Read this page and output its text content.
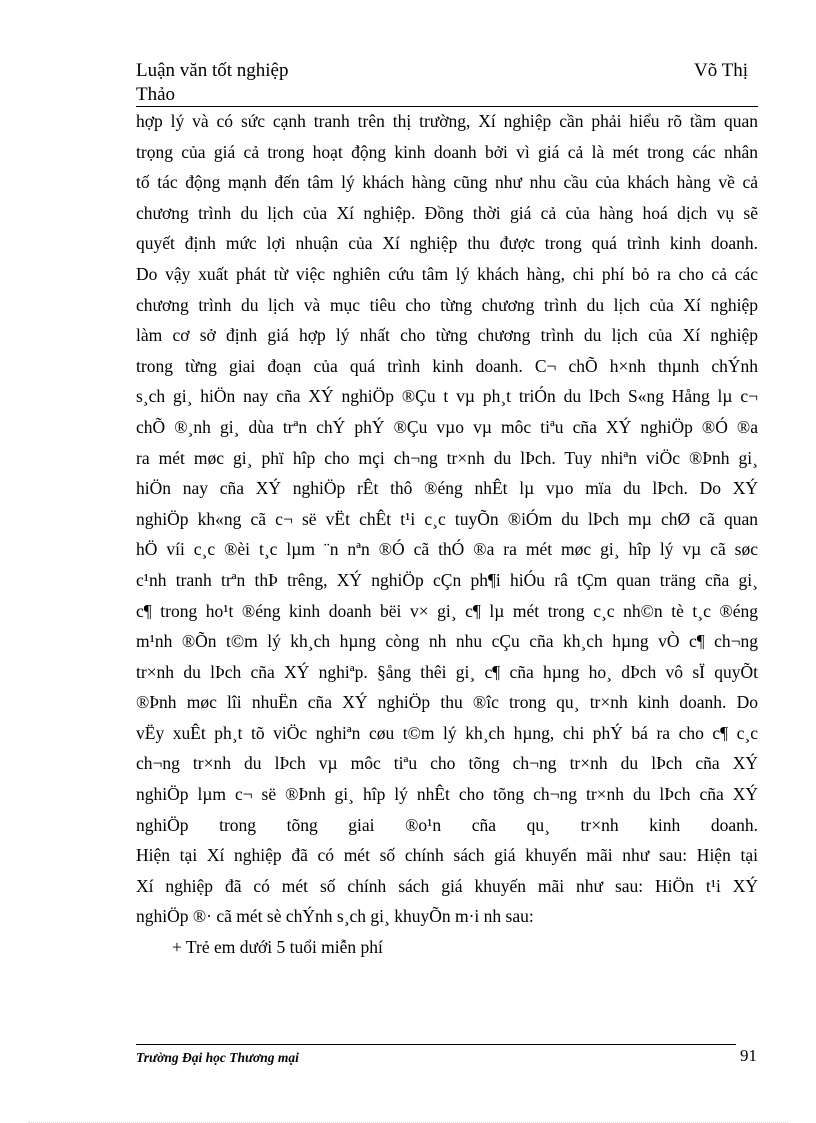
Luận văn tốt nghiệp
Thảo
Võ Thị
hợp lý và có sức cạnh tranh trên thị trường, Xí nghiệp cần phải hiểu rõ tầm quan
trọng của giá cả trong hoạt động kinh doanh bởi vì giá cả là mét trong các nhân
tố tác động mạnh đến tâm lý khách hàng cũng như nhu cầu của khách hàng về cả
chương trình du lịch của Xí nghiệp. Đồng thời giá cả của hàng hoá dịch vụ sẽ
quyết định mức lợi nhuận của Xí nghiệp thu được trong quá trình kinh doanh.
Do vậy xuất phát từ việc nghiên cứu tâm lý khách hàng, chi phí bỏ ra cho cả các
chương trình du lịch và mục tiêu cho từng chương trình du lịch của Xí nghiệp
làm cơ sở định giá hợp lý nhất cho từng chương trình du lịch của Xí nghiệp
trong từng giai đoạn của quá trình kinh doanh. C¬ chÕ h×nh thµnh chÝnh
s¸ch gi¸ hiÖn nay cña XÝ nghiÖp ®Çu t vµ ph¸t triÓn du lÞch S«ng Hång lµ c¬
chÕ ®¸nh gi¸ dùa trªn chÝ phÝ ®Çu vµo vµ môc tiªu cña XÝ nghiÖp ®Ó ®a
ra mét møc gi¸ phï hîp cho mçi ch¬ng tr×nh du lÞch. Tuy nhiªn viÖc ®Þnh gi¸
hiÖn nay cña XÝ nghiÖp rÊt thô ®éng nhÊt lµ vµo mïa du lÞch. Do XÝ
nghiÖp kh«ng cã c¬ së vËt chÊt t¹i c¸c tuyÕn ®iÓm du lÞch mµ chØ cã quan
hÖ víi c¸c ®èi t¸c lµm ¨n nªn ®Ó cã thÓ ®a ra mét møc gi¸ hîp lý vµ cã søc
c¹nh tranh trªn thÞ trêng, XÝ nghiÖp cÇn ph¶i hiÓu râ tÇm quan träng cña gi¸
c¶ trong ho¹t ®éng kinh doanh bëi v× gi¸ c¶ lµ mét trong c¸c nh©n tè t¸c ®éng
m¹nh ®Õn t©m lý kh¸ch hµng còng nh nhu cÇu cña kh¸ch hµng vÒ c¶ ch¬ng
tr×nh du lÞch cña XÝ nghiªp. §ång thêi gi¸ c¶ cña hµng ho¸ dÞch vô sÏ quyÕt
®Þnh møc lîi nhuËn cña XÝ nghiÖp thu ®îc trong qu¸ tr×nh kinh doanh. Do
vËy xuÊt ph¸t tõ viÖc nghiªn cøu t©m lý kh¸ch hµng, chi phÝ bá ra cho c¶ c¸c
ch¬ng tr×nh du lÞch vµ môc tiªu cho tõng ch¬ng tr×nh du lÞch cña XÝ
nghiÖp lµm c¬ së ®Þnh gi¸ hîp lý nhÊt cho tõng ch¬ng tr×nh du lÞch cña XÝ
nghiÖp trong tõng giai ®o¹n cña qu¸ tr×nh kinh doanh.
Hiện tại Xí nghiệp đã có mét số chính sách giá khuyến mãi như sau: Hiện tại
Xí nghiệp đã có mét số chính sách giá khuyến mãi như sau: HiÖn t¹i XÝ
nghiÖp ®· cã mét sè chÝnh s¸ch gi¸ khuyÕn m·i nh sau:
+ Trẻ em dưới 5 tuổi miễn phí
Trường Đại học Thương mại	91
